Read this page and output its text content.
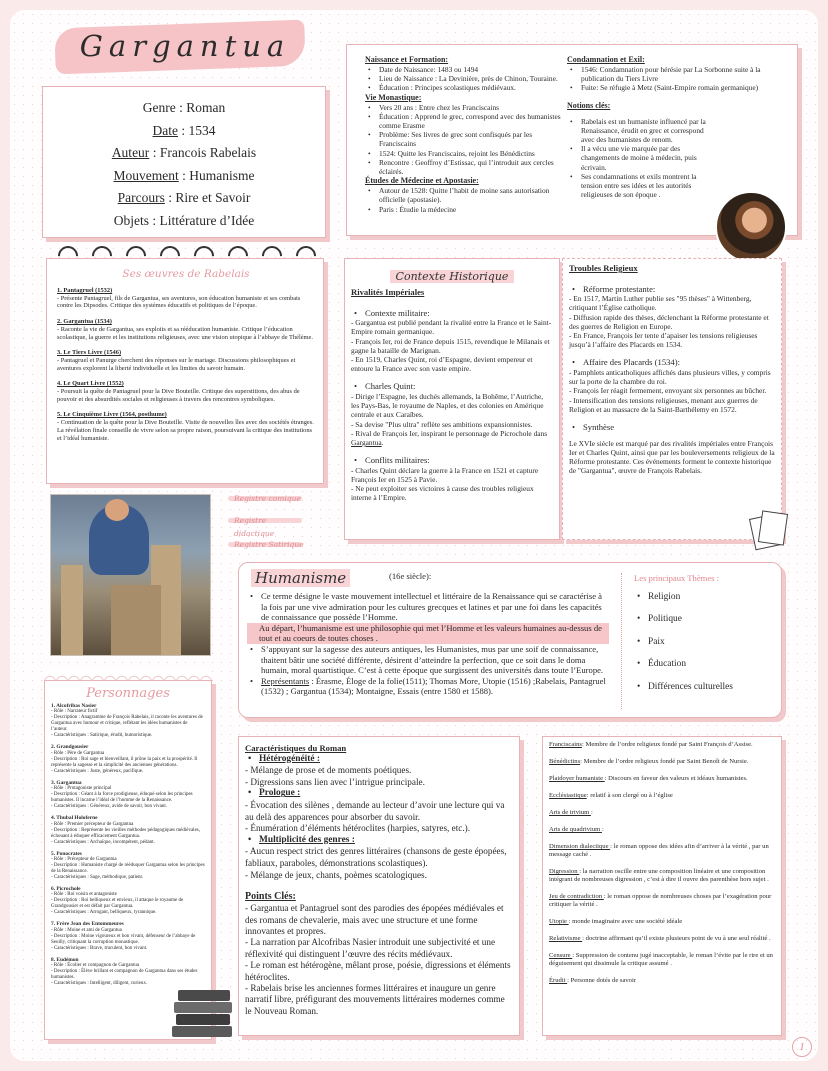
Gargantua
Genre : Roman
Date : 1534
Auteur : Francois Rabelais
Mouvement : Humanisme
Parcours : Rire et Savoir
Objets : Littérature d’Idée
Naissance et Formation:
• Date de Naissance: 1483 ou 1494
• Lieu de Naissance : La Devinière, près de Chinon, Touraine.
• Éducation : Principes scolastiques médiévaux.
Vie Monastique:
• Vers 20 ans : Entre chez les Franciscains
• Éducation : Apprend le grec, correspond avec des humanistes comme Erasme
• Problème: Ses livres de grec sont confisqués par les Franciscains
• 1524: Quitte les Franciscains, rejoint les Bénédictins
• Rencontre : Geoffroy d’Estissac, qui l’introduit aux cercles éclairés.
Études de Médecine et Apostasie:
• Autour de 1528: Quitte l’habit de moine sans autorisation officielle (apostasie).
• Paris : Étudie la médecine
Condamnation et Exil:
• 1546: Condamnation pour hérésie par La Sorbonne suite à la publication du Tiers Livre
• Fuite: Se réfugie à Metz (Saint-Empire romain germanique)
Notions clés:
• Rabelais est un humaniste influencé par la Renaissance, érudit en grec et correspond avec des humanistes de renom.
• Il a vécu une vie marquée par des changements de moine à médecin, puis écrivain.
• Ses condamnations et exils montrent la tension entre ses idées et les autorités religieuses de son époque .
Ses œuvres de Rabelais
1. Pantagruel (1532)
- Présente Pantagruel, fils de Gargantua, ses aventures, son éducation humaniste et ses combats contre les Dipsodes. Critique des systèmes éducatifs et politiques de l’époque.
2. Gargantua (1534)
- Raconte la vie de Gargantua, ses exploits et sa rééducation humaniste. Critique l’éducation scolastique, la guerre et les institutions religieuses, avec une vision utopique à l’abbaye de Thélème.
3. Le Tiers Livre (1546)
- Pantagruel et Panurge cherchent des réponses sur le mariage. Discussions philosophiques et aventures explorent la liberté individuelle et les limites du savoir humain.
4. Le Quart Livre (1552)
- Poursuit la quête de Pantagruel pour la Dive Bouteille. Critique des superstitions, des abus de pouvoir et des absurdités sociales et religieuses à travers des rencontres symboliques.
5. Le Cinquième Livre (1564, posthume)
- Continuation de la quête pour la Dive Bouteille. Visite de nouvelles îles avec des sociétés étranges. La révélation finale conseille de vivre selon sa propre raison, poursuivant la critique des institutions et l’idéal humaniste.
Registre comique
Registre didactique
Registre Satirique
Contexte Historique
Rivalités Impériales
• Contexte militaire:
- Gargantua est publié pendant la rivalité entre la France et le Saint-Empire romain germanique.
- François Ier, roi de France depuis 1515, revendique le Milanais et gagne la bataille de Marignan.
- En 1519, Charles Quint, roi d’Espagne, devient empereur et entoure la France avec son vaste empire.
• Charles Quint:
- Dirige l’Espagne, les duchés allemands, la Bohême, l’Autriche, les Pays-Bas, le royaume de Naples, et des colonies en Amérique centrale et aux Caraïbes.
- Sa devise "Plus ultra" reflète ses ambitions expansionnistes.
- Rival de François Ier, inspirant le personnage de Picrochole dans Gargantua.
• Conflits militaires:
- Charles Quint déclare la guerre à la France en 1521 et capture François Ier en 1525 à Pavie.
- Ne peut exploiter ses victoires à cause des troubles religieux interne à l’Empire.
Troubles Religieux
• Réforme protestante:
- En 1517, Martin Luther publie ses "95 thèses" à Wittenberg, critiquant l’Église catholique.
- Diffusion rapide des thèses, déclenchant la Réforme protestante et des guerres de Religion en Europe.
- En France, François Ier tente d’apaiser les tensions religieuses jusqu’à l’affaire des Placards en 1534.
• Affaire des Placards (1534):
- Pamphlets anticatholiques affichés dans plusieurs villes, y compris sur la porte de la chambre du roi.
- François Ier réagit fermement, envoyant six personnes au bûcher.
- Intensification des tensions religieuses, menant aux guerres de Religion et au massacre de la Saint-Barthélemy en 1572.
• Synthèse
Le XVIe siècle est marqué par des rivalités impériales entre François Ier et Charles Quint, ainsi que par les bouleversements religieux de la Réforme protestante. Ces événements forment le contexte historique de "Gargantua", œuvre de François Rabelais.
Humanisme	(16e siècle):
• Ce terme désigne le vaste mouvement intellectuel et littéraire de la Renaissance qui se caractérise à la fois par une vive admiration pour les cultures grecques et latines et par une foi dans les capacités de connaissance que possède l’Homme.
Au départ, l’humanisme est une philosophie qui met l’Homme et les valeurs humaines au-dessus de tout et au coeurs de toutes choses .
• S’appuyant sur la sagesse des auteurs antiques, les Humanistes, mus par une soif de connaissance, thaitent bâtir une société différente, désirent d’atteindre la perfection, que ce soit dans le doma humain, moral quartistique. C’est à cette époque que surgissent des universités dans toute l’Europe.
• Représentants : Érasme, Éloge de la folie(1511); Thomas More, Utopie (1516) ;Rabelais, Pantagruel (1532) ; Gargantua (1534); Montaigne, Essais (entre 1580 et 1588).
Les principaux Thèmes :
• Religion
• Politique
• Paix
• Éducation
• Différences culturelles
Personnages
1. Alcofribas Nasier
- Rôle : Narrateur fictif
- Description : Anagramme de François Rabelais, il raconte les aventures de Gargantua avec humour et critique, reflétant les idées humanistes de l’auteur.
- Caractéristiques : Satirique, érudit, humoristique.
2. Grandgousier
- Rôle : Père de Gargantua
- Description : Roi sage et bienveillant, il prône la paix et la prospérité. Il représente la sagesse et la simplicité des anciennes générations.
- Caractéristiques : Juste, généreux, pacifique.
3. Gargantua
- Rôle : Protagoniste principal
- Description : Géant à la force prodigieuse, éduqué selon les principes humanistes. Il incarne l’idéal de l’homme de la Renaissance.
- Caractéristiques : Généreux, avide de savoir, bon vivant.
4. Thubal Holoferne
- Rôle : Premier précepteur de Gargantua
- Description : Représente les vieilles méthodes pédagogiques médiévales, échouant à éduquer efficacement Gargantua.
- Caractéristiques : Archaïque, incompétent, pédant.
5. Ponocrates
- Rôle : Précepteur de Gargantua
- Description : Humaniste chargé de rééduquer Gargantua selon les principes de la Renaissance.
- Caractéristiques : Sage, méthodique, patient.
6. Picrochole
- Rôle : Roi voisin et antagoniste
- Description : Roi belliqueux et envieux, il attaque le royaume de Grandgousier et est défait par Gargantua.
- Caractéristiques : Arrogant, belliqueux, tyrannique.
7. Frère Jean des Entommeures
- Rôle : Moine et ami de Gargantua
- Description : Moine vigoureux et bon vivant, défenseur de l’abbaye de Seuilly, critiquant la corruption monastique.
- Caractéristiques : Brave, truculent, bon vivant.
8. Eudémon
- Rôle : Écolier et compagnon de Gargantua
- Description : Élève brillant et compagnon de Gargantua dans ses études humanistes.
- Caractéristiques : Intelligent, diligent, curieux.
Caractéristiques du Roman
• Hétérogénéité :
- Mélange de prose et de moments poétiques.
- Digressions sans lien avec l’intrigue principale.
• Prologue :
- Évocation des silènes , demande au lecteur d’avoir une lecture qui va au delà des apparences pour absorber du savoir.
- Énumération d’éléments hétéroclites (harpies, satyres, etc.).
• Multiplicité des genres :
- Aucun respect strict des genres littéraires (chansons de geste épopées, fabliaux, paraboles, démonstrations scolastiques).
- Mélange de jeux, chants, poèmes scatologiques.
Points Clés:
- Gargantua et Pantagruel sont des parodies des épopées médiévales et des romans de chevalerie, mais avec une structure et une forme innovantes et propres.
- La narration par Alcofribas Nasier introduit une subjectivité et une réflexivité qui distinguent l’œuvre des récits médiévaux.
- Le roman est hétérogène, mêlant prose, poésie, digressions et éléments hétéroclites.
- Rabelais brise les anciennes formes littéraires et inaugure un genre narratif libre, préfigurant des mouvements littéraires modernes comme le Nouveau Roman.
Franciscains: Membre de l’ordre religieux fondé par Saint François d’Assise.
Bénédictins: Membre de l’ordre religieux fondé par Saint Benoît de Nursie.
Plaidoyer humaniste : Discours en faveur des valeurs et idéaux humanistes.
Ecclésiastique: relatif à son clergé ou à l’église
Arts de trivium :
Arts de quadrivium :
Dimension dialectique : le roman oppose des idées afin d’arriver à la vérité , par un message caché .
Digression : la narration oscille entre une composition linéaire et une composition intégrant de nombreuses digression , c’est à dire il ouvre des parenthèse hors sujet .
Jeu de contradiction : le roman oppose de nombreuses choses par l’exagération pour critiquer la vérité .
Utopie : monde imaginaire avec une société idéale
Relativisme : doctrine affirmant qu’il existe plusieurs point de vu à une seul réalité .
Censure : Suppression de contenu jugé inacceptable, le roman l’évite par le rire et un déguisement qui dissimule la critique assumé .
Érudit : Personne dotés de savoir
1
